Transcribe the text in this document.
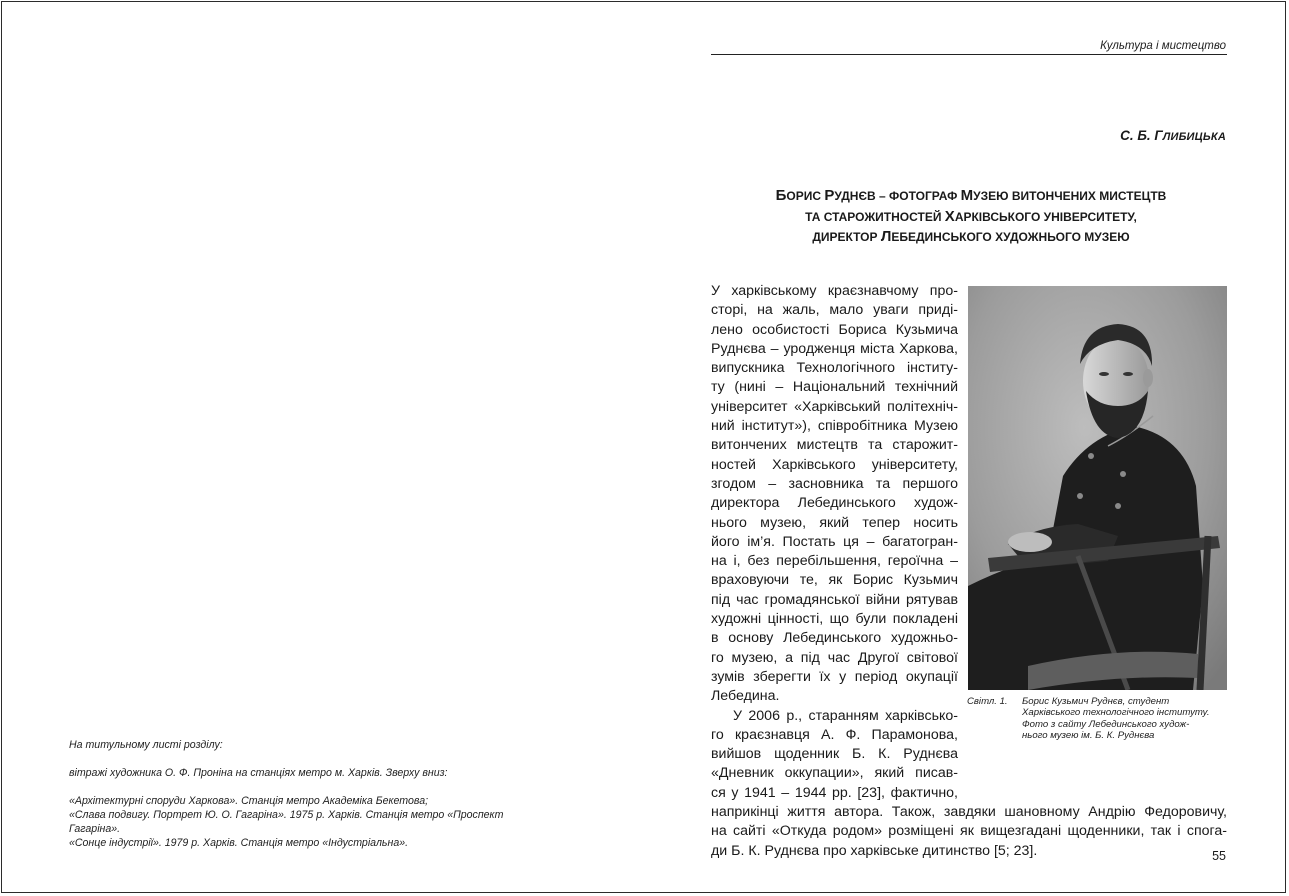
На титульному листі розділу:
вітражі художника О. Ф. Проніна на станціях метро м. Харків. Зверху вниз:
«Архітектурні споруди Харкова». Станція метро Академіка Бекетова;
«Слава подвигу. Портрет Ю. О. Гагаріна». 1975 р. Харків. Станція метро «Проспект
Гагаріна».
«Сонце індустрії». 1979 р. Харків. Станція метро «Індустріальна».
Культура і мистецтво
С. Б. ГЛИБИЦЬКА
БОРИС РУДНЄВ – ФОТОГРАФ МУЗЕЮ ВИТОНЧЕНИХ МИСТЕЦТВ
ТА СТАРОЖИТНОСТЕЙ ХАРКІВСЬКОГО УНІВЕРСИТЕТУ,
ДИРЕКТОР ЛЕБЕДИНСЬКОГО ХУДОЖНЬОГО МУЗЕЮ
У харківському краєзнавчому про-
сторі, на жаль, мало уваги приді-
лено особистості Бориса Кузьмича
Руднєва – уродженця міста Харкова,
випускника Технологічного інститу-
ту (нині – Національний технічний
університет «Харківський політехніч-
ний інститут»), співробітника Музею
витончених мистецтв та старожит-
ностей Харківського університету,
згодом – засновника та першого
директора Лебединського худож-
нього музею, який тепер носить
його ім’я. Постать ця – багатогран-
на і, без перебільшення, героїчна –
враховуючи те, як Борис Кузьмич
під час громадянської війни рятував
художні цінності, що були покладені
в основу Лебединського художньо-
го музею, а під час Другої світової
зумів зберегти їх у період окупації
Лебедина.
У 2006 р., старанням харківсько-
го краєзнавця А. Ф. Парамонова,
вийшов щоденник Б. К. Руднєва
«Дневник оккупации», який писав-
ся у 1941 – 1944 рр. [23], фактично,
наприкінці життя автора. Також, завдяки шановному Андрію Федоровичу,
на сайті «Откуда родом» розміщені як вищезгадані щоденники, так і спога-
ди Б. К. Руднєва про харківське дитинство [5; 23].
Світл. 1. Борис Кузьмич Руднєв, студент
Харківського технологічного інституту.
Фото з сайту Лебединського худож-
нього музею ім. Б. К. Руднєва
55
